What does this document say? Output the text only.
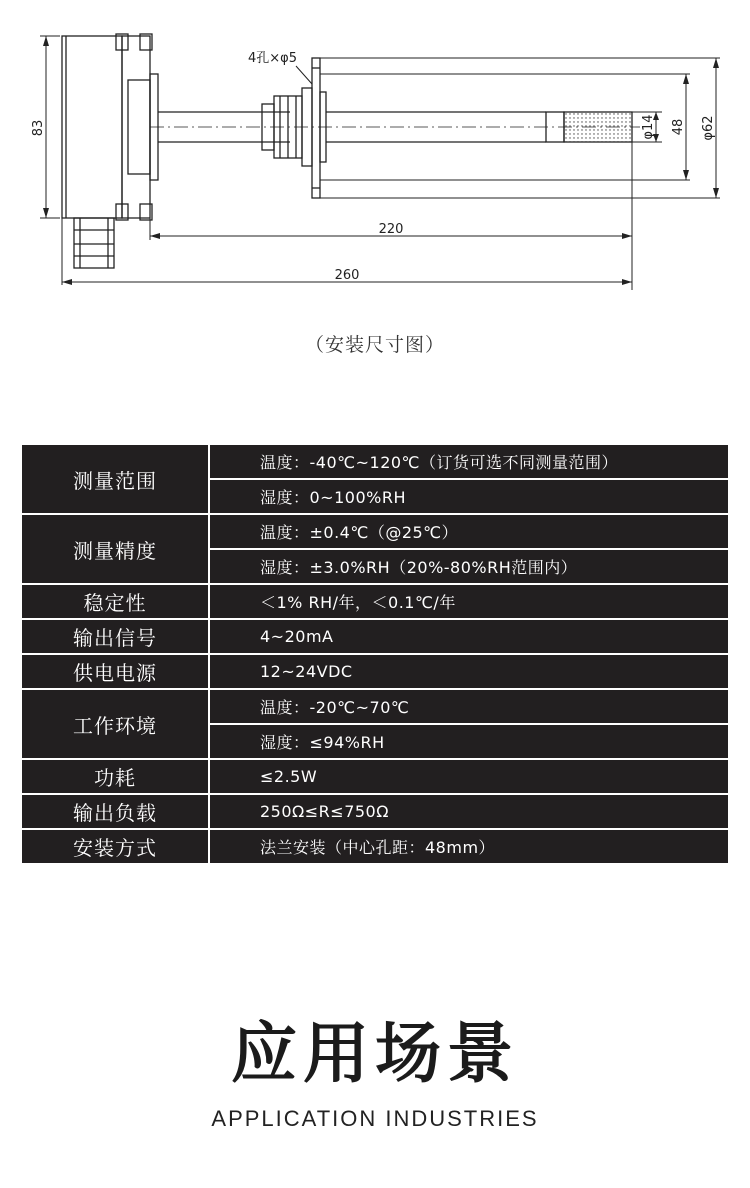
83
4孔×φ5
φ14 48 φ62
220
260
（安装尺寸图）
测量范围	温度：-40℃~120℃（订货可选不同测量范围）
	湿度：0~100%RH
测量精度	温度：±0.4℃（@25℃）
	湿度：±3.0%RH（20%-80%RH范围内）
稳定性	＜1% RH/年，＜0.1℃/年
输出信号	4~20mA
供电电源	12~24VDC
工作环境	温度：-20℃~70℃
	湿度：≤94%RH
功耗	≤2.5W
输出负载	250Ω≤R≤750Ω
安装方式	法兰安装（中心孔距：48mm）
应用场景
APPLICATION INDUSTRIES
